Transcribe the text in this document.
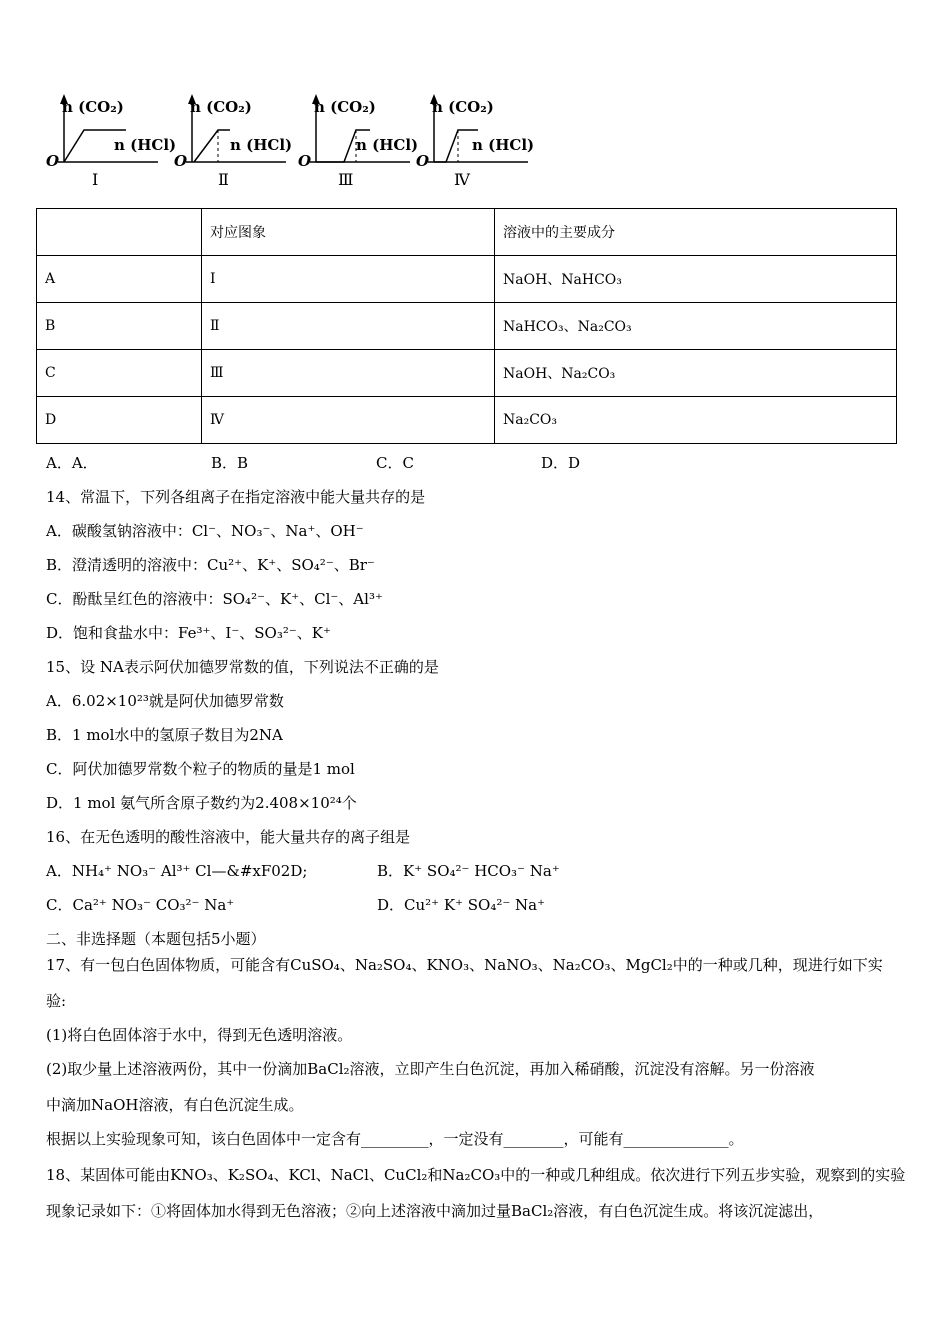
n (CO₂)
n (HCl)
O
Ⅰ
n (CO₂)
n (HCl)
O
Ⅱ
n (CO₂)
n (HCl)
O
Ⅲ
n (CO₂)
n (HCl)
O
Ⅳ
	对应图象	溶液中的主要成分
A	Ⅰ	NaOH、NaHCO₃
B	Ⅱ	NaHCO₃、Na₂CO₃
C	Ⅲ	NaOH、Na₂CO₃
D	Ⅳ	Na₂CO₃
A．A．	B．B	C．C	D．D
14、常温下，下列各组离子在指定溶液中能大量共存的是
A．碳酸氢钠溶液中：Cl⁻、NO₃⁻、Na⁺、OH⁻
B．澄清透明的溶液中：Cu²⁺、K⁺、SO₄²⁻、Br⁻
C．酚酞呈红色的溶液中：SO₄²⁻、K⁺、Cl⁻、Al³⁺
D．饱和食盐水中：Fe³⁺、I⁻、SO₃²⁻、K⁺
15、设 NA表示阿伏加德罗常数的值，下列说法不正确的是
A．6.02×10²³就是阿伏加德罗常数
B．1 mol水中的氢原子数目为2NA
C．阿伏加德罗常数个粒子的物质的量是1 mol
D．1 mol 氨气所含原子数约为2.408×10²⁴个
16、在无色透明的酸性溶液中，能大量共存的离子组是
A．NH₄⁺ NO₃⁻ Al³⁺ Cl—&#xF02D;	B．K⁺ SO₄²⁻ HCO₃⁻ Na⁺
C．Ca²⁺ NO₃⁻ CO₃²⁻ Na⁺	D．Cu²⁺ K⁺ SO₄²⁻ Na⁺
二、非选择题（本题包括5小题）
17、有一包白色固体物质，可能含有CuSO₄、Na₂SO₄、KNO₃、NaNO₃、Na₂CO₃、MgCl₂中的一种或几种，现进行如下实
验:
(1)将白色固体溶于水中，得到无色透明溶液。
(2)取少量上述溶液两份，其中一份滴加BaCl₂溶液，立即产生白色沉淀，再加入稀硝酸，沉淀没有溶解。另一份溶液
中滴加NaOH溶液，有白色沉淀生成。
根据以上实验现象可知，该白色固体中一定含有_________，一定没有________，可能有______________。
18、某固体可能由KNO₃、K₂SO₄、KCl、NaCl、CuCl₂和Na₂CO₃中的一种或几种组成。依次进行下列五步实验，观察到的实验
现象记录如下：①将固体加水得到无色溶液；②向上述溶液中滴加过量BaCl₂溶液，有白色沉淀生成。将该沉淀滤出，
